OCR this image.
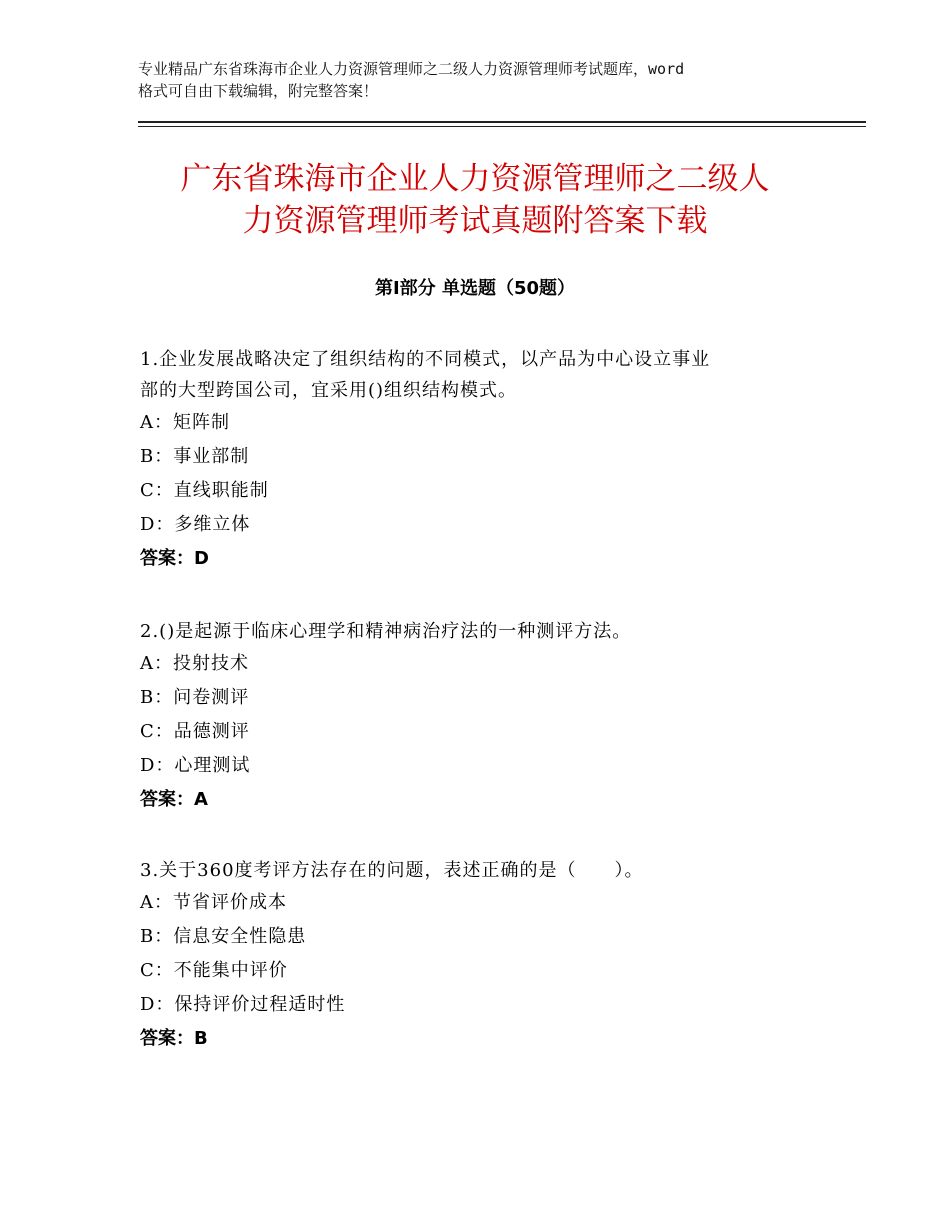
专业精品广东省珠海市企业人力资源管理师之二级人力资源管理师考试题库，word
格式可自由下载编辑，附完整答案！
广东省珠海市企业人力资源管理师之二级人
力资源管理师考试真题附答案下载
第Ⅰ部分 单选题（50题）
1.企业发展战略决定了组织结构的不同模式，以产品为中心设立事业
部的大型跨国公司，宜采用()组织结构模式。
A：矩阵制
B：事业部制
C：直线职能制
D：多维立体
答案：D
2.()是起源于临床心理学和精神病治疗法的一种测评方法。
A：投射技术
B：问卷测评
C：品德测评
D：心理测试
答案：A
3.关于360度考评方法存在的问题，表述正确的是（　　）。
A：节省评价成本
B：信息安全性隐患
C：不能集中评价
D：保持评价过程适时性
答案：B
